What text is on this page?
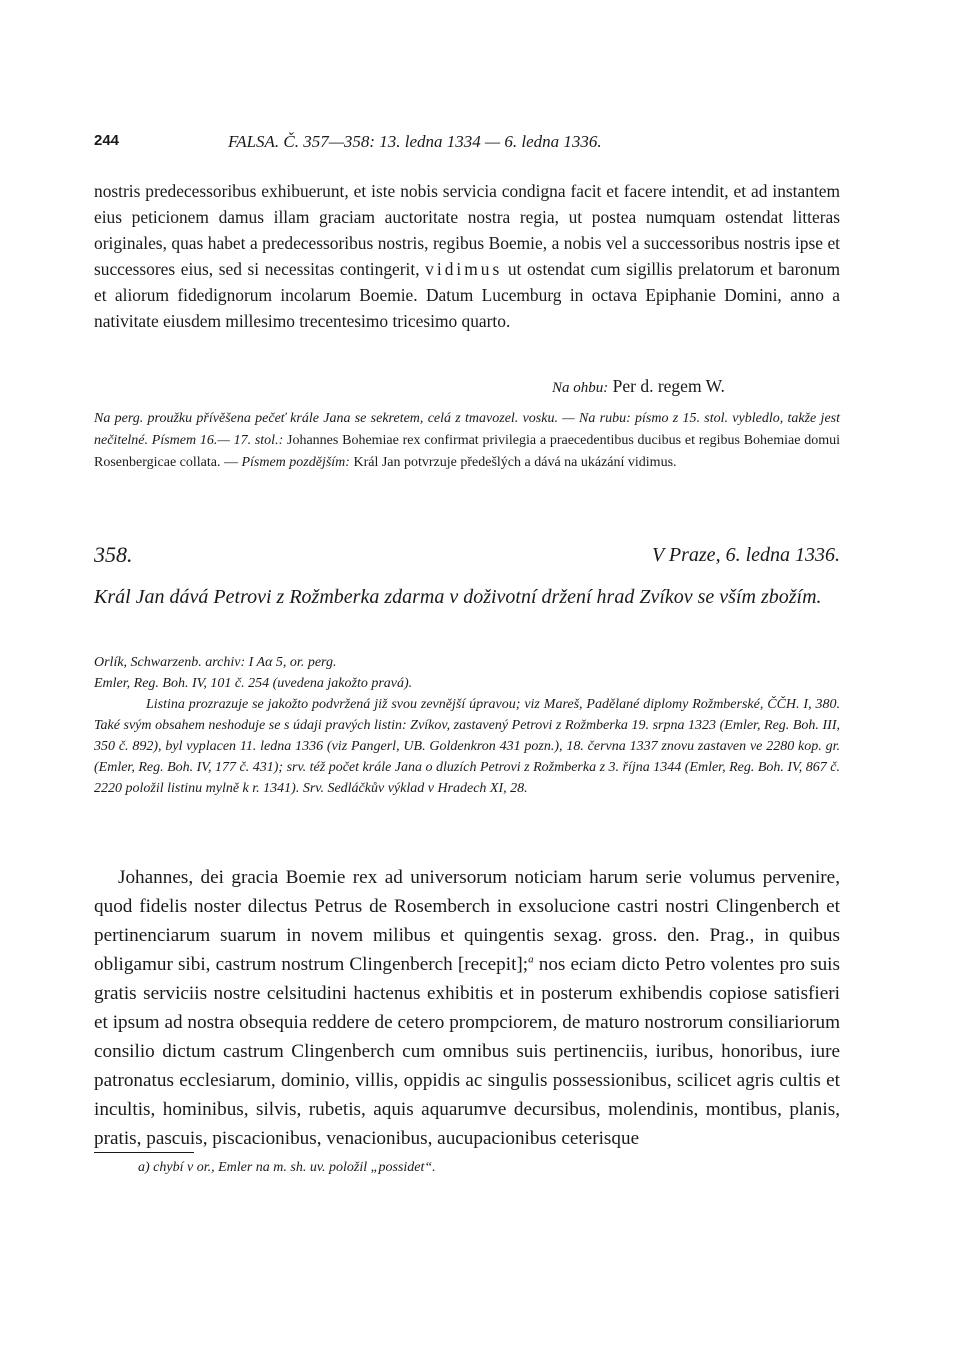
244	FALSA. Č. 357—358: 13. ledna 1334 — 6. ledna 1336.

nostris predecessoribus exhibuerunt, et iste nobis servicia condigna facit et facere intendit, et ad instantem eius peticionem damus illam graciam auctoritate nostra regia, ut postea numquam ostendat litteras originales, quas habet a predecessoribus nostris, regibus Boemie, a nobis vel a successoribus nostris ipse et successores eius, sed si necessitas contingerit, vidimus ut ostendat cum sigillis prelatorum et baronum et aliorum fidedignorum incolarum Boemie. Datum Lucemburg in octava Epiphanie Domini, anno a nativitate eiusdem millesimo trecentesimo tricesimo quarto.

Na ohbu: Per d. regem W.

Na perg. proužku přívěšena pečeť krále Jana se sekretem, celá z tmavozel. vosku. — Na rubu: písmo z 15. stol. vybledlo, takže jest nečitelné. Písmem 16.— 17. stol.: Johannes Bohemiae rex confirmat privilegia a praecedentibus ducibus et regibus Bohemiae domui Rosenbergicae collata. — Písmem pozdějším: Král Jan potvrzuje předešlých a dává na ukázání vidimus.

358.	V Praze, 6. ledna 1336.

Král Jan dává Petrovi z Rožmberka zdarma v doživotní držení hrad Zvíkov se vším zbožím.

Orlík, Schwarzenb. archiv: I Aα 5, or. perg.

Emler, Reg. Boh. IV, 101 č. 254 (uvedena jakožto pravá).

Listina prozrazuje se jakožto podvržená již svou zevnější úpravou; viz Mareš, Padělané diplomy Rožmberské, ČČH. I, 380. Také svým obsahem neshoduje se s údaji pravých listin: Zvíkov, zastavený Petrovi z Rožmberka 19. srpna 1323 (Emler, Reg. Boh. III, 350 č. 892), byl vyplacen 11. ledna 1336 (viz Pangerl, UB. Goldenkron 431 pozn.), 18. června 1337 znovu zastaven ve 2280 kop. gr. (Emler, Reg. Boh. IV, 177 č. 431); srv. též počet krále Jana o dluzích Petrovi z Rožmberka z 3. října 1344 (Emler, Reg. Boh. IV, 867 č. 2220 položil listinu mylně k r. 1341). Srv. Sedláčkův výklad v Hradech XI, 28.

Johannes, dei gracia Boemie rex ad universorum noticiam harum serie volumus pervenire, quod fidelis noster dilectus Petrus de Rosemberch in exsolucione castri nostri Clingenberch et pertinenciarum suarum in novem milibus et quingentis sexag. gross. den. Prag., in quibus obligamur sibi, castrum nostrum Clingenberch [recepit];$^a$ nos eciam dicto Petro volentes pro suis gratis serviciis nostre celsitudini hactenus exhibitis et in posterum exhibendis copiose satisfieri et ipsum ad nostra obsequia reddere de cetero prompciorem, de maturo nostrorum consiliariorum consilio dictum castrum Clingenberch cum omnibus suis pertinenciis, iuribus, honoribus, iure patronatus ecclesiarum, dominio, villis, oppidis ac singulis possessionibus, scilicet agris cultis et incultis, hominibus, silvis, rubetis, aquis aquarumve decursibus, molendinis, montibus, planis, pratis, pascuis, piscacionibus, venacionibus, aucupacionibus ceterisque

a) chybí v or., Emler na m. sh. uv. položil „possidet“.
